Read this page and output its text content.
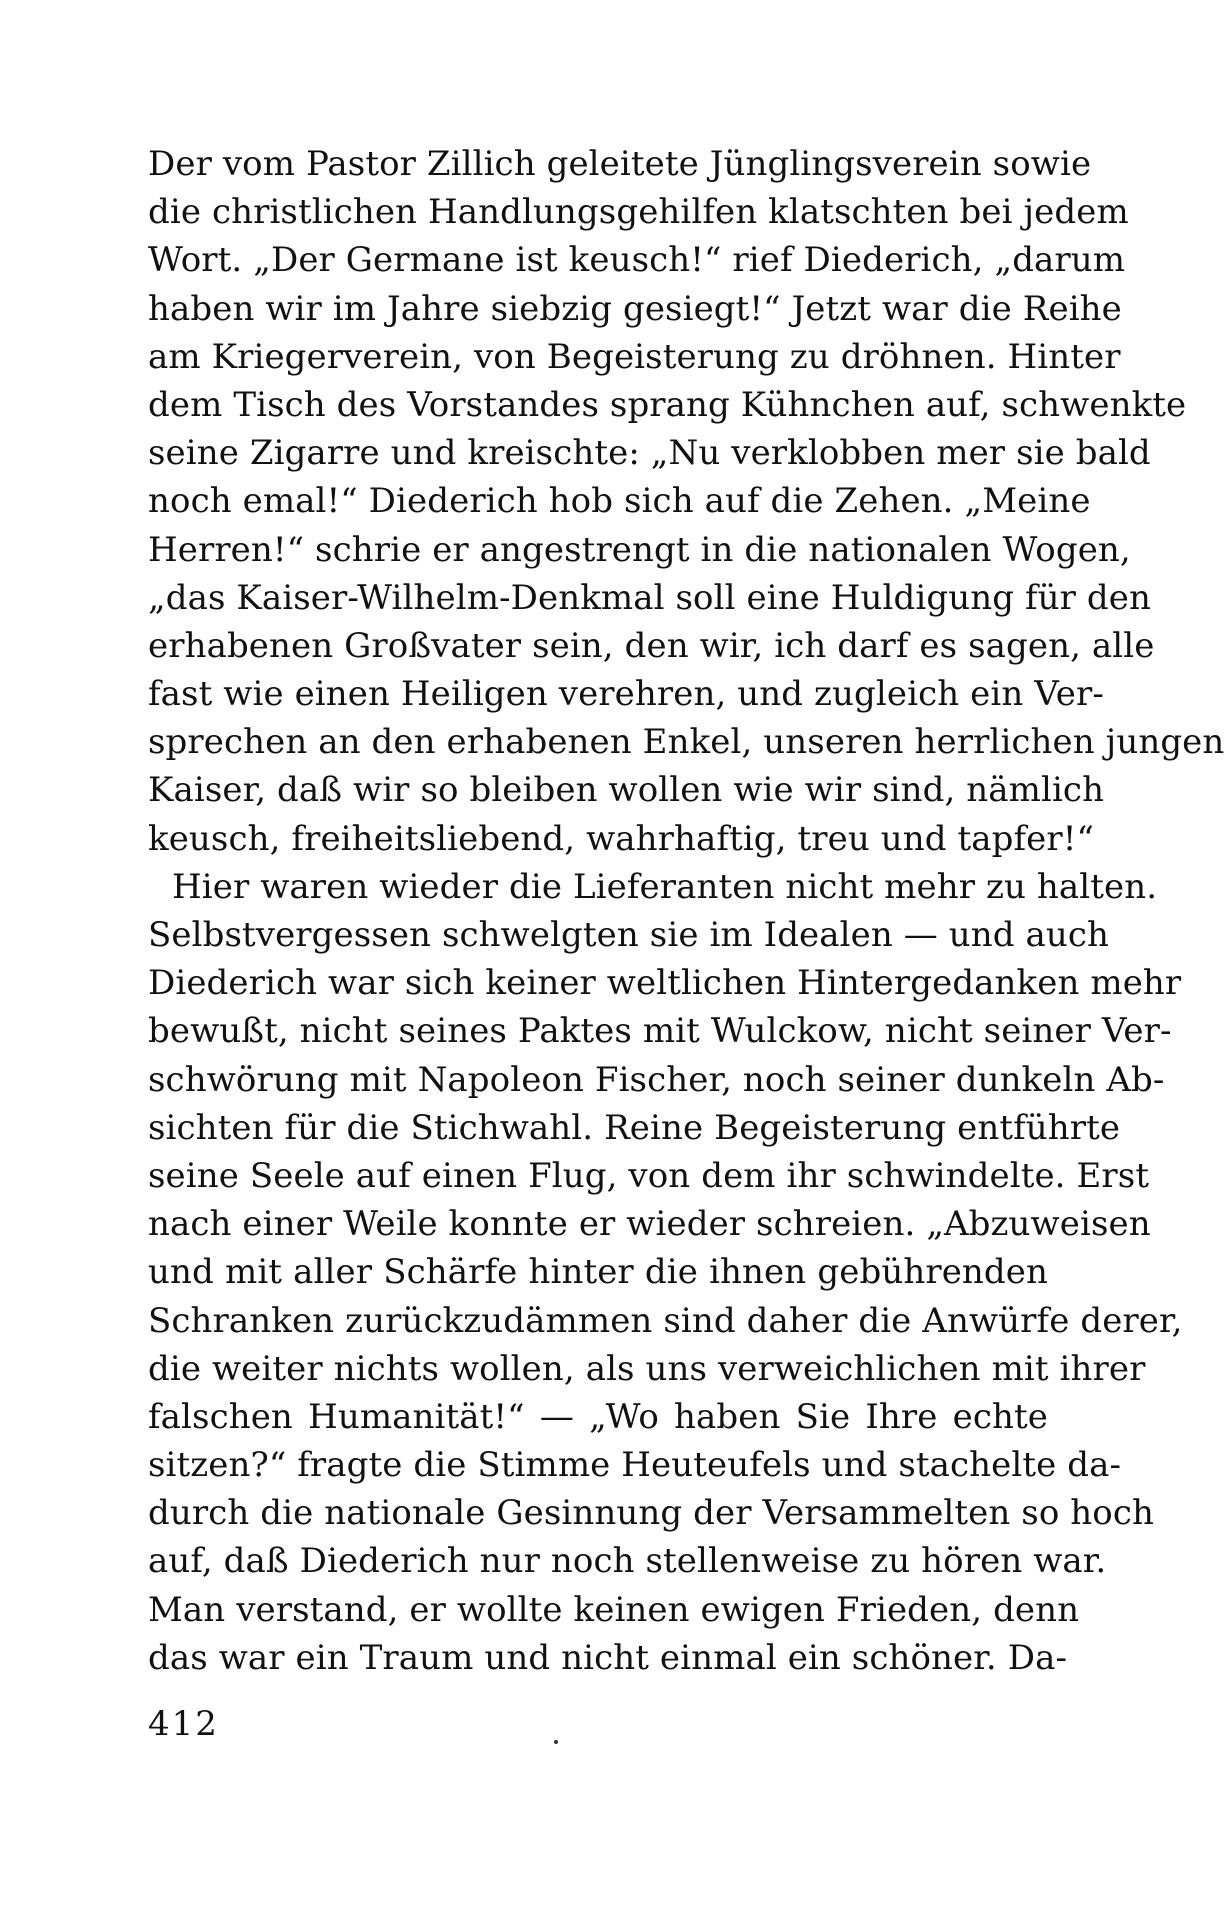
Der vom Pastor Zillich geleitete Jünglingsverein sowie
die christlichen Handlungsgehilfen klatschten bei jedem
Wort. „Der Germane ist keusch!“ rief Diederich, „darum
haben wir im Jahre siebzig gesiegt!“ Jetzt war die Reihe
am Kriegerverein, von Begeisterung zu dröhnen. Hinter
dem Tisch des Vorstandes sprang Kühnchen auf, schwenkte
seine Zigarre und kreischte: „Nu verklobben mer sie bald
noch emal!“ Diederich hob sich auf die Zehen. „Meine
Herren!“ schrie er angestrengt in die nationalen Wogen,
„das Kaiser-Wilhelm-Denkmal soll eine Huldigung für den
erhabenen Großvater sein, den wir, ich darf es sagen, alle
fast wie einen Heiligen verehren, und zugleich ein Ver-
sprechen an den erhabenen Enkel, unseren herrlichen jungen
Kaiser, daß wir so bleiben wollen wie wir sind, nämlich
keusch, freiheitsliebend, wahrhaftig, treu und tapfer!“
Hier waren wieder die Lieferanten nicht mehr zu halten.
Selbstvergessen schwelgten sie im Idealen — und auch
Diederich war sich keiner weltlichen Hintergedanken mehr
bewußt, nicht seines Paktes mit Wulckow, nicht seiner Ver-
schwörung mit Napoleon Fischer, noch seiner dunkeln Ab-
sichten für die Stichwahl. Reine Begeisterung entführte
seine Seele auf einen Flug, von dem ihr schwindelte. Erst
nach einer Weile konnte er wieder schreien. „Abzuweisen
und mit aller Schärfe hinter die ihnen gebührenden
Schranken zurückzudämmen sind daher die Anwürfe derer,
die weiter nichts wollen, als uns verweichlichen mit ihrer
falschen Humanität!“ — „Wo haben Sie Ihre echte
sitzen?“ fragte die Stimme Heuteufels und stachelte da-
durch die nationale Gesinnung der Versammelten so hoch
auf, daß Diederich nur noch stellenweise zu hören war.
Man verstand, er wollte keinen ewigen Frieden, denn
das war ein Traum und nicht einmal ein schöner. Da-
412
